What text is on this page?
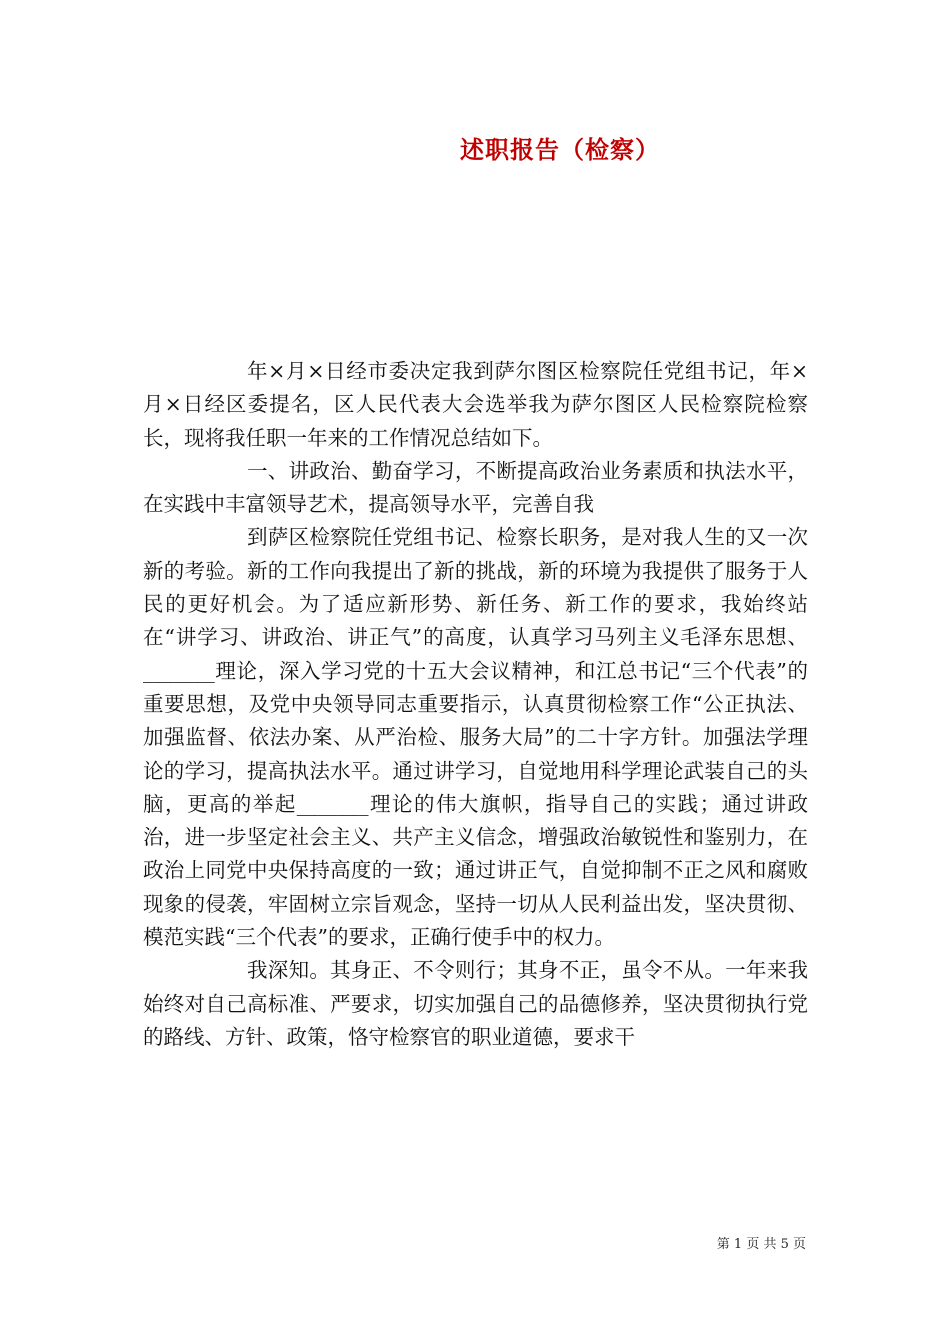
述职报告（检察）

年×月×日经市委决定我到萨尔图区检察院任党组书记，年×月×日经区委提名，区人民代表大会选举我为萨尔图区人民检察院检察长，现将我任职一年来的工作情况总结如下。

一、讲政治、勤奋学习，不断提高政治业务素质和执法水平，在实践中丰富领导艺术，提高领导水平，完善自我

到萨区检察院任党组书记、检察长职务，是对我人生的又一次新的考验。新的工作向我提出了新的挑战，新的环境为我提供了服务于人民的更好机会。为了适应新形势、新任务、新工作的要求，我始终站在“讲学习、讲政治、讲正气”的高度，认真学习马列主义毛泽东思想、_______理论，深入学习党的十五大会议精神，和江总书记“三个代表”的重要思想，及党中央领导同志重要指示，认真贯彻检察工作“公正执法、加强监督、依法办案、从严治检、服务大局”的二十字方针。加强法学理论的学习，提高执法水平。通过讲学习，自觉地用科学理论武装自己的头脑，更高的举起_______理论的伟大旗帜，指导自己的实践；通过讲政治，进一步坚定社会主义、共产主义信念，增强政治敏锐性和鉴别力，在政治上同党中央保持高度的一致；通过讲正气，自觉抑制不正之风和腐败现象的侵袭，牢固树立宗旨观念，坚持一切从人民利益出发，坚决贯彻、模范实践“三个代表”的要求，正确行使手中的权力。

我深知。其身正、不令则行；其身不正，虽令不从。一年来我始终对自己高标准、严要求，切实加强自己的品德修养，坚决贯彻执行党的路线、方针、政策，恪守检察官的职业道德，要求干

第 1 页 共 5 页
